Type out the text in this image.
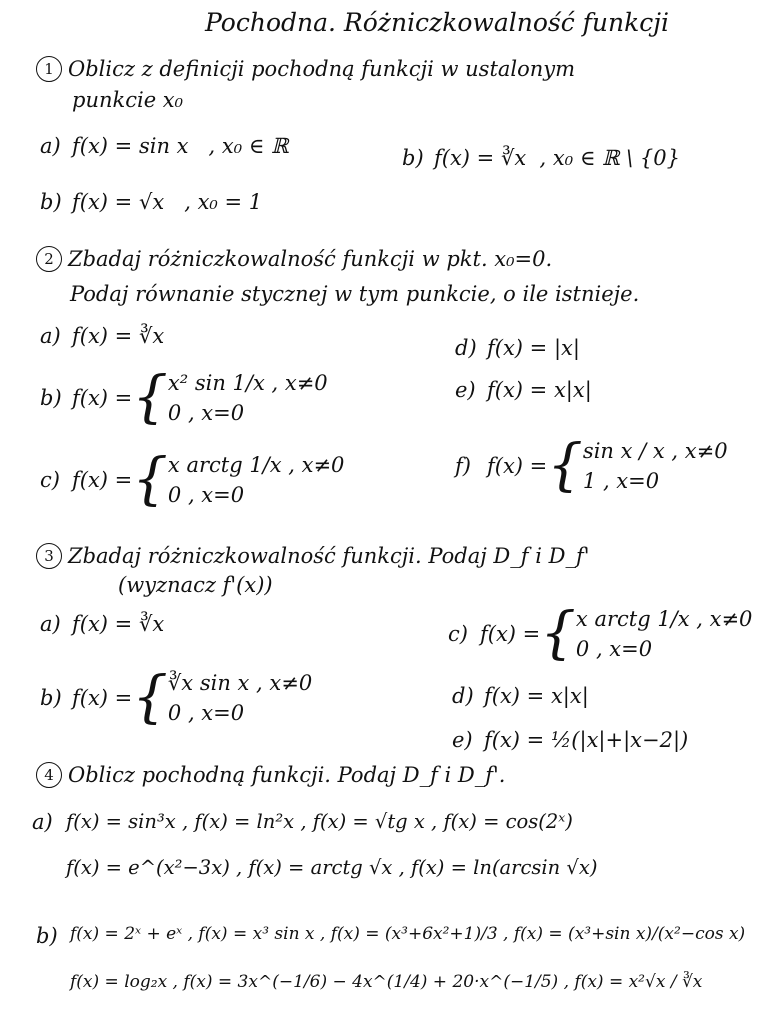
Pochodna. Różniczkowalność funkcji
1 Oblicz z definicji pochodną funkcji w ustalonym
punkcie x₀
a) f(x) = sin x , x₀ ∈ ℝ	b) f(x) = ∛x , x₀ ∈ ℝ \ {0}
b) f(x) = √x , x₀ = 1
2 Zbadaj różniczkowalność funkcji w pkt. x₀=0.
Podaj równanie stycznej w tym punkcie, o ile istnieje.
a) f(x) = ∛x	d) f(x) = |x|
b) f(x) = { x² sin 1/x , x≠0
0 , x=0
e) f(x) = x|x|
c) f(x) = { x arctg 1/x , x≠0
0 , x=0
f) f(x) = { sin x / x , x≠0
1 , x=0
3 Zbadaj różniczkowalność funkcji. Podaj D_f i D_f'
(wyznacz f'(x))
a) f(x) = ∛x	c) f(x) = { x arctg 1/x , x≠0
0 , x=0
b) f(x) = { ∛x sin x , x≠0
0 , x=0
d) f(x) = x|x|
e) f(x) = ½(|x|+|x−2|)
4 Oblicz pochodną funkcji. Podaj D_f i D_f'.
a) f(x) = sin³x , f(x) = ln²x , f(x) = √tg x , f(x) = cos(2ˣ)
f(x) = e^(x²−3x) , f(x) = arctg √x , f(x) = ln(arcsin √x)
b) f(x) = 2ˣ + eˣ , f(x) = x³ sin x , f(x) = (x³+6x²+1)/3 , f(x) = (x³+sin x)/(x²−cos x)
f(x) = log₂x , f(x) = 3x^(−1/6) − 4x^(1/4) + 20·x^(−1/5) , f(x) = x²√x / ∛x
